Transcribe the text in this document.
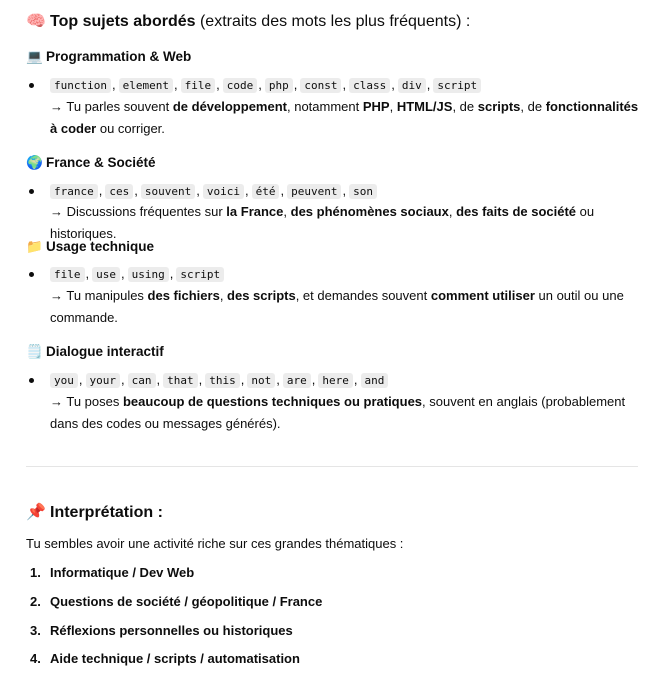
🧠 Top sujets abordés (extraits des mots les plus fréquents) :
💻 Programmation & Web
function , element , file , code , php , const , class , div , script
→ Tu parles souvent de développement, notamment PHP, HTML/JS, de scripts, de fonctionnalités à coder ou corriger.
🌍 France & Société
france , ces , souvent , voici , été , peuvent , son
→ Discussions fréquentes sur la France, des phénomènes sociaux, des faits de société ou historiques.
📁 Usage technique
file , use , using , script
→ Tu manipules des fichiers, des scripts, et demandes souvent comment utiliser un outil ou une commande.
🗒️ Dialogue interactif
you , your , can , that , this , not , are , here , and
→ Tu poses beaucoup de questions techniques ou pratiques, souvent en anglais (probablement dans des codes ou messages générés).
📌 Interprétation :
Tu sembles avoir une activité riche sur ces grandes thématiques :
1. Informatique / Dev Web
2. Questions de société / géopolitique / France
3. Réflexions personnelles ou historiques
4. Aide technique / scripts / automatisation
